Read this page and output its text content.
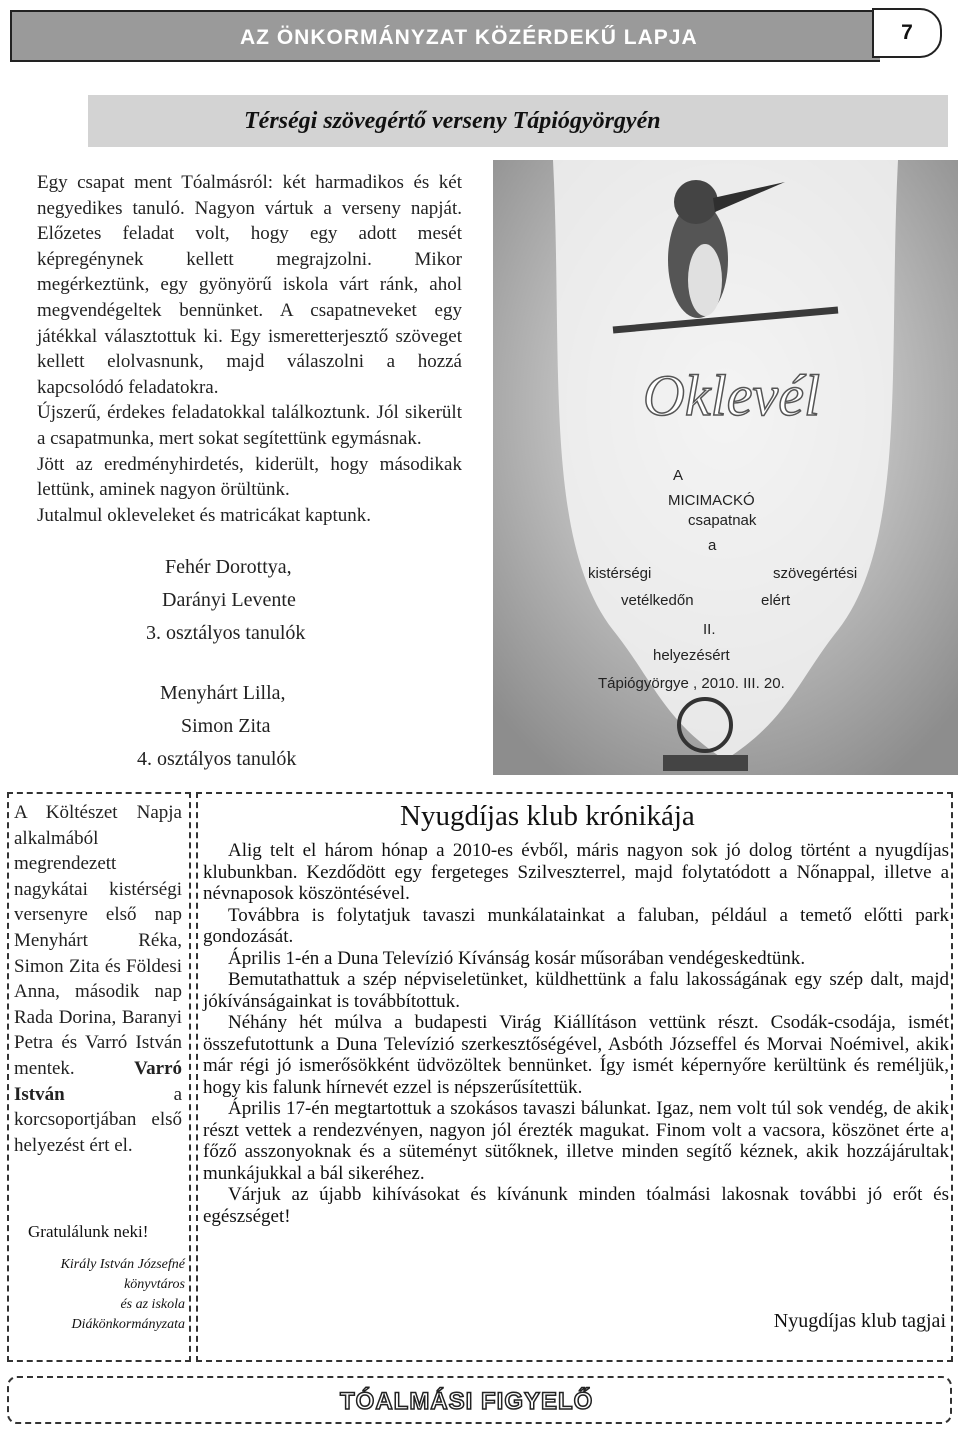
AZ ÖNKORMÁNYZAT KÖZÉRDEKŰ LAPJA	7
Térségi szövegértő verseny Tápiógyörgyén

Egy csapat ment Tóalmásról: két harmadikos és két negyedikes tanuló. Nagyon vártuk a verseny napját. Előzetes feladat volt, hogy egy adott mesét képregénynek kellett megrajzolni. Mikor megérkeztünk, egy gyönyörű iskola várt ránk, ahol megvendégeltek bennünket. A csapatneveket egy játékkal választottuk ki. Egy ismeretterjesztő szöveget kellett elolvasnunk, majd válaszolni a hozzá kapcsolódó feladatokra.

Újszerű, érdekes feladatokkal találkoztunk. Jól sikerült a csapatmunka, mert sokat segítettünk egymásnak.

Jött az eredményhirdetés, kiderült, hogy másodikak lettünk, aminek nagyon örültünk.

Jutalmul okleveleket és matricákat kaptunk.

Fehér Dorottya,
Darányi Levente
3. osztályos tanulók
Menyhárt Lilla,
Simon Zita
4. osztályos tanulók
Oklevél
A
MICIMACKÓ
csapatnak
a
kistérségi	szövegértési
vetélkedőn	elért
II.
helyezésért
Tápiógyörgye , 2010. III. 20.

A Költészet Napja alkalmából megrendezett nagykátai kistérségi versenyre első nap Menyhárt Réka, Simon Zita és Földesi Anna, második nap Rada Dorina, Baranyi Petra és Varró István mentek.	Varró István	a korcsoportjában első helyezést ért el.

Gratulálunk neki!
Király István Józsefné
könyvtáros
és az iskola
Diákönkormányzata
Nyugdíjas klub krónikája

Alig telt el három hónap a 2010-es évből, máris nagyon sok jó dolog történt a nyugdíjas klubunkban. Kezdődött egy fergeteges Szilveszterrel, majd folytatódott a Nőnappal, illetve a névnaposok köszöntésével.

Továbbra is folytatjuk tavaszi munkálatainkat a faluban, például a temető előtti park gondozását.

Április 1-én a Duna Televízió Kívánság kosár műsorában vendégeskedtünk.

Bemutathattuk a szép népviseletünket, küldhettünk a falu lakosságának egy szép dalt, majd jókívánságainkat is továbbítottuk.

Néhány hét múlva a budapesti Virág Kiállításon vettünk részt. Csodák-csodája, ismét összefutottunk a Duna Televízió szerkesztőségével, Asbóth Józseffel és Morvai Noémivel, akik már régi jó ismerősökként üdvözöltek bennünket. Így ismét képernyőre kerültünk és reméljük, hogy kis falunk hírnevét ezzel is népszerűsítettük.

Április 17-én megtartottuk a szokásos tavaszi bálunkat. Igaz, nem volt túl sok vendég, de akik részt vettek a rendezvényen, nagyon jól érezték magukat. Finom volt a vacsora, köszönet érte a főző asszonyoknak és a süteményt sütőknek, illetve minden segítő kéznek, akik hozzájárultak munkájukkal a bál sikeréhez.

Várjuk az újabb kihívásokat és kívánunk minden tóalmási lakosnak további jó erőt és egészséget!

Nyugdíjas klub tagjai
TÓALMÁSI FIGYELŐ
